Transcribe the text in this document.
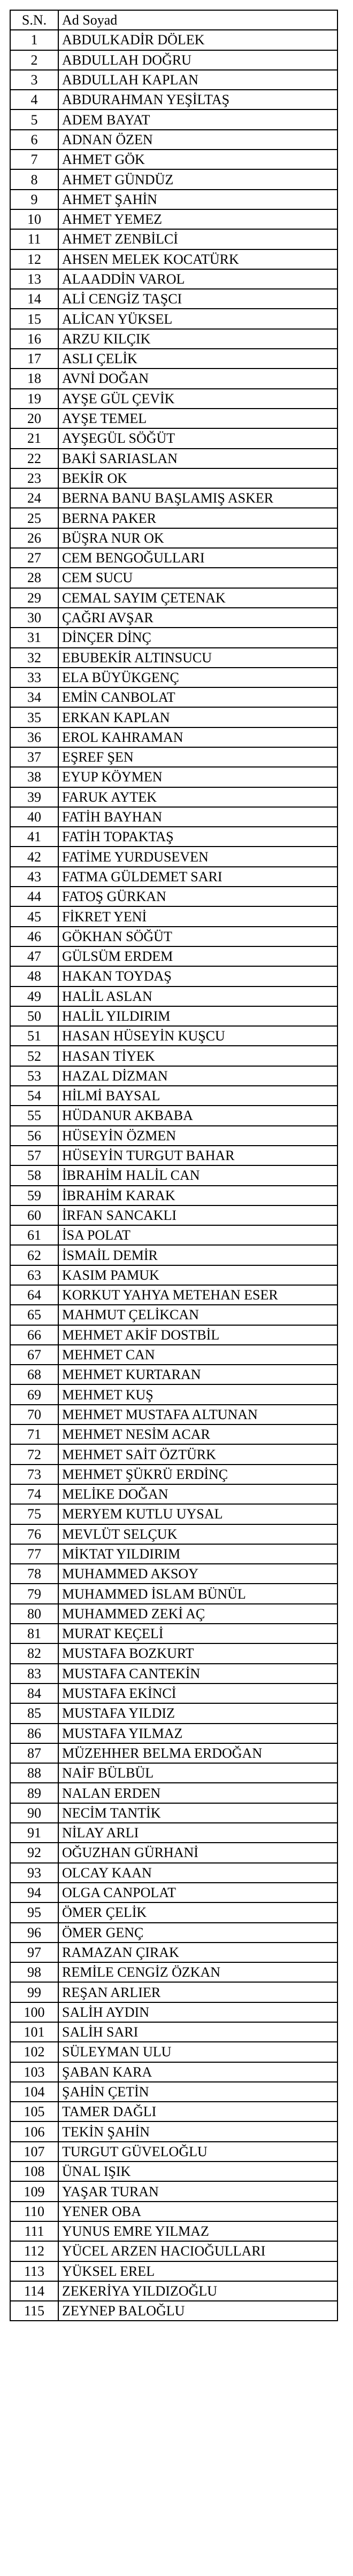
S.N.	Ad Soyad
1	ABDULKADİR DÖLEK
2	ABDULLAH DOĞRU
3	ABDULLAH KAPLAN
4	ABDURAHMAN YEŞİLTAŞ
5	ADEM BAYAT
6	ADNAN ÖZEN
7	AHMET GÖK
8	AHMET GÜNDÜZ
9	AHMET ŞAHİN
10	AHMET YEMEZ
11	AHMET ZENBİLCİ
12	AHSEN MELEK KOCATÜRK
13	ALAADDİN VAROL
14	ALİ CENGİZ TAŞCI
15	ALİCAN YÜKSEL
16	ARZU KILÇIK
17	ASLI ÇELİK
18	AVNİ DOĞAN
19	AYŞE GÜL ÇEVİK
20	AYŞE TEMEL
21	AYŞEGÜL SÖĞÜT
22	BAKİ SARIASLAN
23	BEKİR OK
24	BERNA BANU BAŞLAMIŞ ASKER
25	BERNA PAKER
26	BÜŞRA NUR OK
27	CEM BENGOĞULLARI
28	CEM SUCU
29	CEMAL SAYIM ÇETENAK
30	ÇAĞRI AVŞAR
31	DİNÇER DİNÇ
32	EBUBEKİR ALTINSUCU
33	ELA BÜYÜKGENÇ
34	EMİN CANBOLAT
35	ERKAN KAPLAN
36	EROL KAHRAMAN
37	EŞREF ŞEN
38	EYUP KÖYMEN
39	FARUK AYTEK
40	FATİH BAYHAN
41	FATİH TOPAKTAŞ
42	FATİME YURDUSEVEN
43	FATMA GÜLDEMET SARI
44	FATOŞ GÜRKAN
45	FİKRET YENİ
46	GÖKHAN SÖĞÜT
47	GÜLSÜM ERDEM
48	HAKAN TOYDAŞ
49	HALİL ASLAN
50	HALİL YILDIRIM
51	HASAN HÜSEYİN KUŞCU
52	HASAN TİYEK
53	HAZAL DİZMAN
54	HİLMİ BAYSAL
55	HÜDANUR AKBABA
56	HÜSEYİN ÖZMEN
57	HÜSEYİN TURGUT BAHAR
58	İBRAHİM HALİL CAN
59	İBRAHİM KARAK
60	İRFAN SANCAKLI
61	İSA POLAT
62	İSMAİL DEMİR
63	KASIM PAMUK
64	KORKUT YAHYA METEHAN ESER
65	MAHMUT ÇELİKCAN
66	MEHMET AKİF DOSTBİL
67	MEHMET CAN
68	MEHMET KURTARAN
69	MEHMET KUŞ
70	MEHMET MUSTAFA ALTUNAN
71	MEHMET NESİM ACAR
72	MEHMET SAİT ÖZTÜRK
73	MEHMET ŞÜKRÜ ERDİNÇ
74	MELİKE DOĞAN
75	MERYEM KUTLU UYSAL
76	MEVLÜT SELÇUK
77	MİKTAT YILDIRIM
78	MUHAMMED AKSOY
79	MUHAMMED İSLAM BÜNÜL
80	MUHAMMED ZEKİ AÇ
81	MURAT KEÇELİ
82	MUSTAFA BOZKURT
83	MUSTAFA CANTEKİN
84	MUSTAFA EKİNCİ
85	MUSTAFA YILDIZ
86	MUSTAFA YILMAZ
87	MÜZEHHER BELMA ERDOĞAN
88	NAİF BÜLBÜL
89	NALAN ERDEN
90	NECİM TANTİK
91	NİLAY ARLI
92	OĞUZHAN GÜRHANİ
93	OLCAY KAAN
94	OLGA CANPOLAT
95	ÖMER ÇELİK
96	ÖMER GENÇ
97	RAMAZAN ÇIRAK
98	REMİLE CENGİZ ÖZKAN
99	REŞAN ARLIER
100	SALİH AYDIN
101	SALİH SARI
102	SÜLEYMAN ULU
103	ŞABAN KARA
104	ŞAHİN ÇETİN
105	TAMER DAĞLI
106	TEKİN ŞAHİN
107	TURGUT GÜVELOĞLU
108	ÜNAL IŞIK
109	YAŞAR TURAN
110	YENER OBA
111	YUNUS EMRE YILMAZ
112	YÜCEL ARZEN HACIOĞULLARI
113	YÜKSEL EREL
114	ZEKERİYA YILDIZOĞLU
115	ZEYNEP BALOĞLU
